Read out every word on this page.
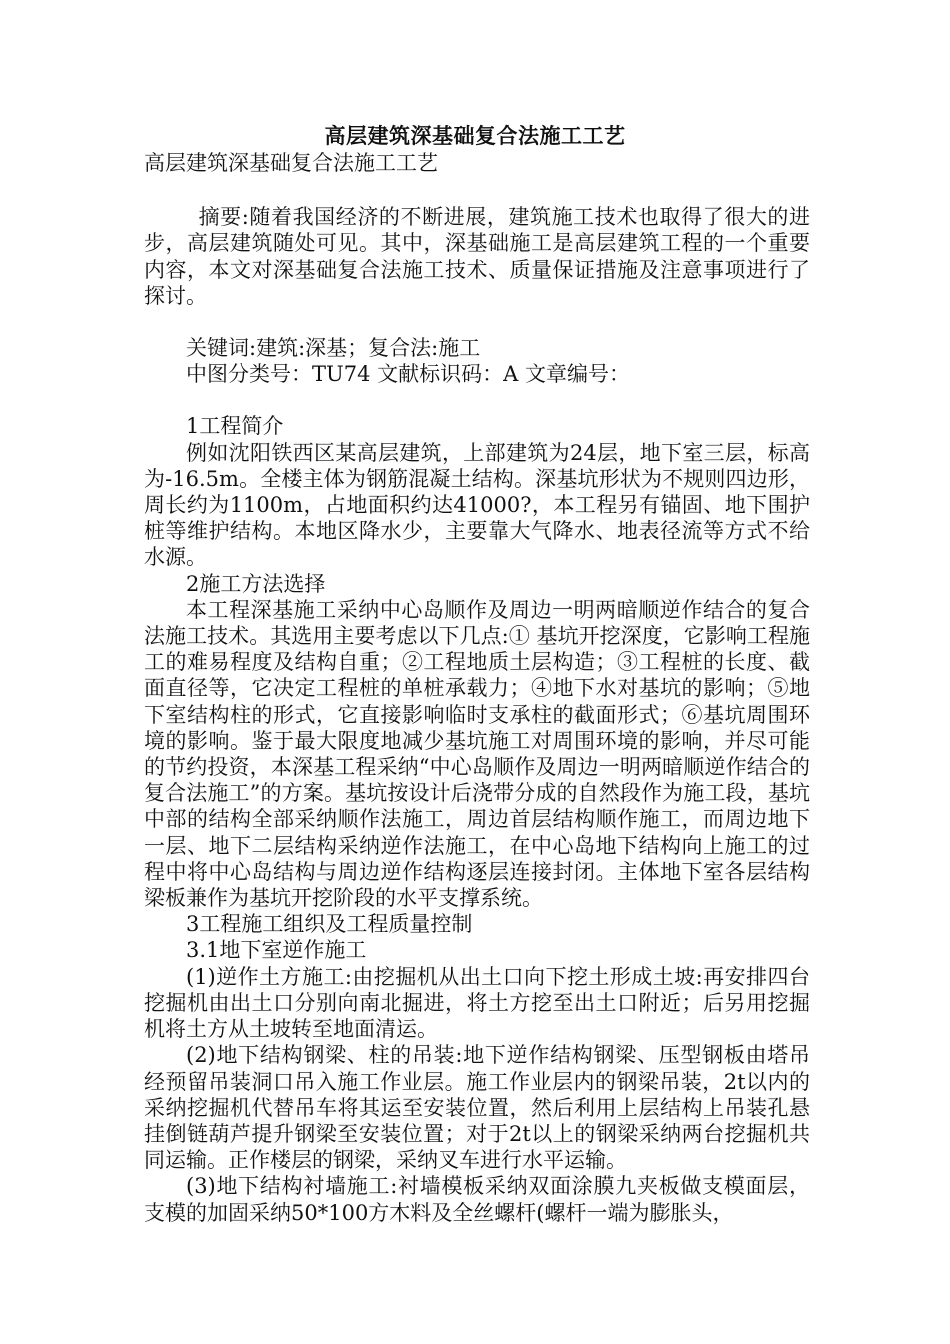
高层建筑深基础复合法施工工艺

高层建筑深基础复合法施工工艺

摘要:随着我国经济的不断进展，建筑施工技术也取得了很大的进步，高层建筑随处可见。其中，深基础施工是高层建筑工程的一个重要内容，本文对深基础复合法施工技术、质量保证措施及注意事项进行了探讨。

关键词:建筑:深基；复合法:施工

中图分类号：TU74 文献标识码：A 文章编号：

1工程简介

例如沈阳铁西区某高层建筑，上部建筑为24层，地下室三层，标高为-16.5m。全楼主体为钢筋混凝土结构。深基坑形状为不规则四边形，周长约为1100m，占地面积约达41000?，本工程另有锚固、地下围护桩等维护结构。本地区降水少，主要靠大气降水、地表径流等方式不给水源。

2施工方法选择

本工程深基施工采纳中心岛顺作及周边一明两暗顺逆作结合的复合法施工技术。其选用主要考虑以下几点:① 基坑开挖深度，它影响工程施工的难易程度及结构自重；②工程地质土层构造；③工程桩的长度、截面直径等，它决定工程桩的单桩承载力；④地下水对基坑的影响；⑤地下室结构柱的形式，它直接影响临时支承柱的截面形式；⑥基坑周围环境的影响。鉴于最大限度地减少基坑施工对周围环境的影响，并尽可能的节约投资，本深基工程采纳“中心岛顺作及周边一明两暗顺逆作结合的复合法施工”的方案。基坑按设计后浇带分成的自然段作为施工段，基坑中部的结构全部采纳顺作法施工，周边首层结构顺作施工，而周边地下一层、地下二层结构采纳逆作法施工，在中心岛地下结构向上施工的过程中将中心岛结构与周边逆作结构逐层连接封闭。主体地下室各层结构梁板兼作为基坑开挖阶段的水平支撑系统。

3工程施工组织及工程质量控制

3.1地下室逆作施工

(1)逆作土方施工:由挖掘机从出土口向下挖土形成土坡:再安排四台挖掘机由出土口分别向南北掘进，将土方挖至出土口附近；后另用挖掘机将土方从土坡转至地面清运。

(2)地下结构钢梁、柱的吊装:地下逆作结构钢梁、压型钢板由塔吊经预留吊装洞口吊入施工作业层。施工作业层内的钢梁吊装，2t以内的采纳挖掘机代替吊车将其运至安装位置，然后利用上层结构上吊装孔悬挂倒链葫芦提升钢梁至安装位置；对于2t以上的钢梁采纳两台挖掘机共同运输。正作楼层的钢梁，采纳叉车进行水平运输。

(3)地下结构衬墙施工:衬墙模板采纳双面涂膜九夹板做支模面层，支模的加固采纳50*100方木料及全丝螺杆(螺杆一端为膨胀头，
